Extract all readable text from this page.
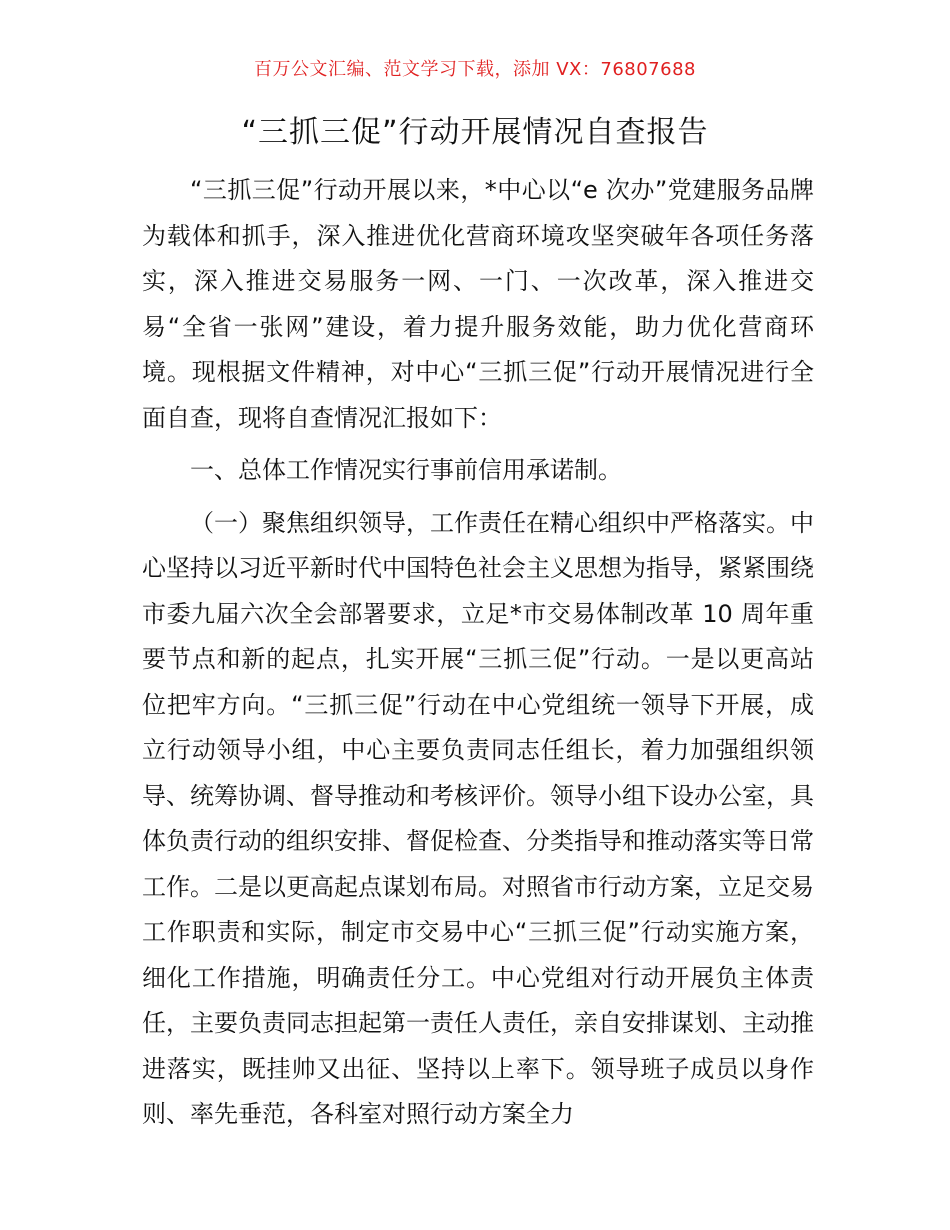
百万公文汇编、范文学习下载，添加 VX：76807688
“三抓三促”行动开展情况自查报告

“三抓三促”行动开展以来，*中心以“e 次办”党建服务品牌为载体和抓手，深入推进优化营商环境攻坚突破年各项任务落实，深入推进交易服务一网、一门、一次改革，深入推进交易“全省一张网”建设，着力提升服务效能，助力优化营商环境。现根据文件精神，对中心“三抓三促”行动开展情况进行全面自查，现将自查情况汇报如下：

一、总体工作情况实行事前信用承诺制。

（一）聚焦组织领导，工作责任在精心组织中严格落实。中心坚持以习近平新时代中国特色社会主义思想为指导，紧紧围绕市委九届六次全会部署要求，立足*市交易体制改革 10 周年重要节点和新的起点，扎实开展“三抓三促”行动。一是以更高站位把牢方向。“三抓三促”行动在中心党组统一领导下开展，成立行动领导小组，中心主要负责同志任组长，着力加强组织领导、统筹协调、督导推动和考核评价。领导小组下设办公室，具体负责行动的组织安排、督促检查、分类指导和推动落实等日常工作。二是以更高起点谋划布局。对照省市行动方案，立足交易工作职责和实际，制定市交易中心“三抓三促”行动实施方案，细化工作措施，明确责任分工。中心党组对行动开展负主体责任，主要负责同志担起第一责任人责任，亲自安排谋划、主动推进落实，既挂帅又出征、坚持以上率下。领导班子成员以身作则、率先垂范，各科室对照行动方案全力
